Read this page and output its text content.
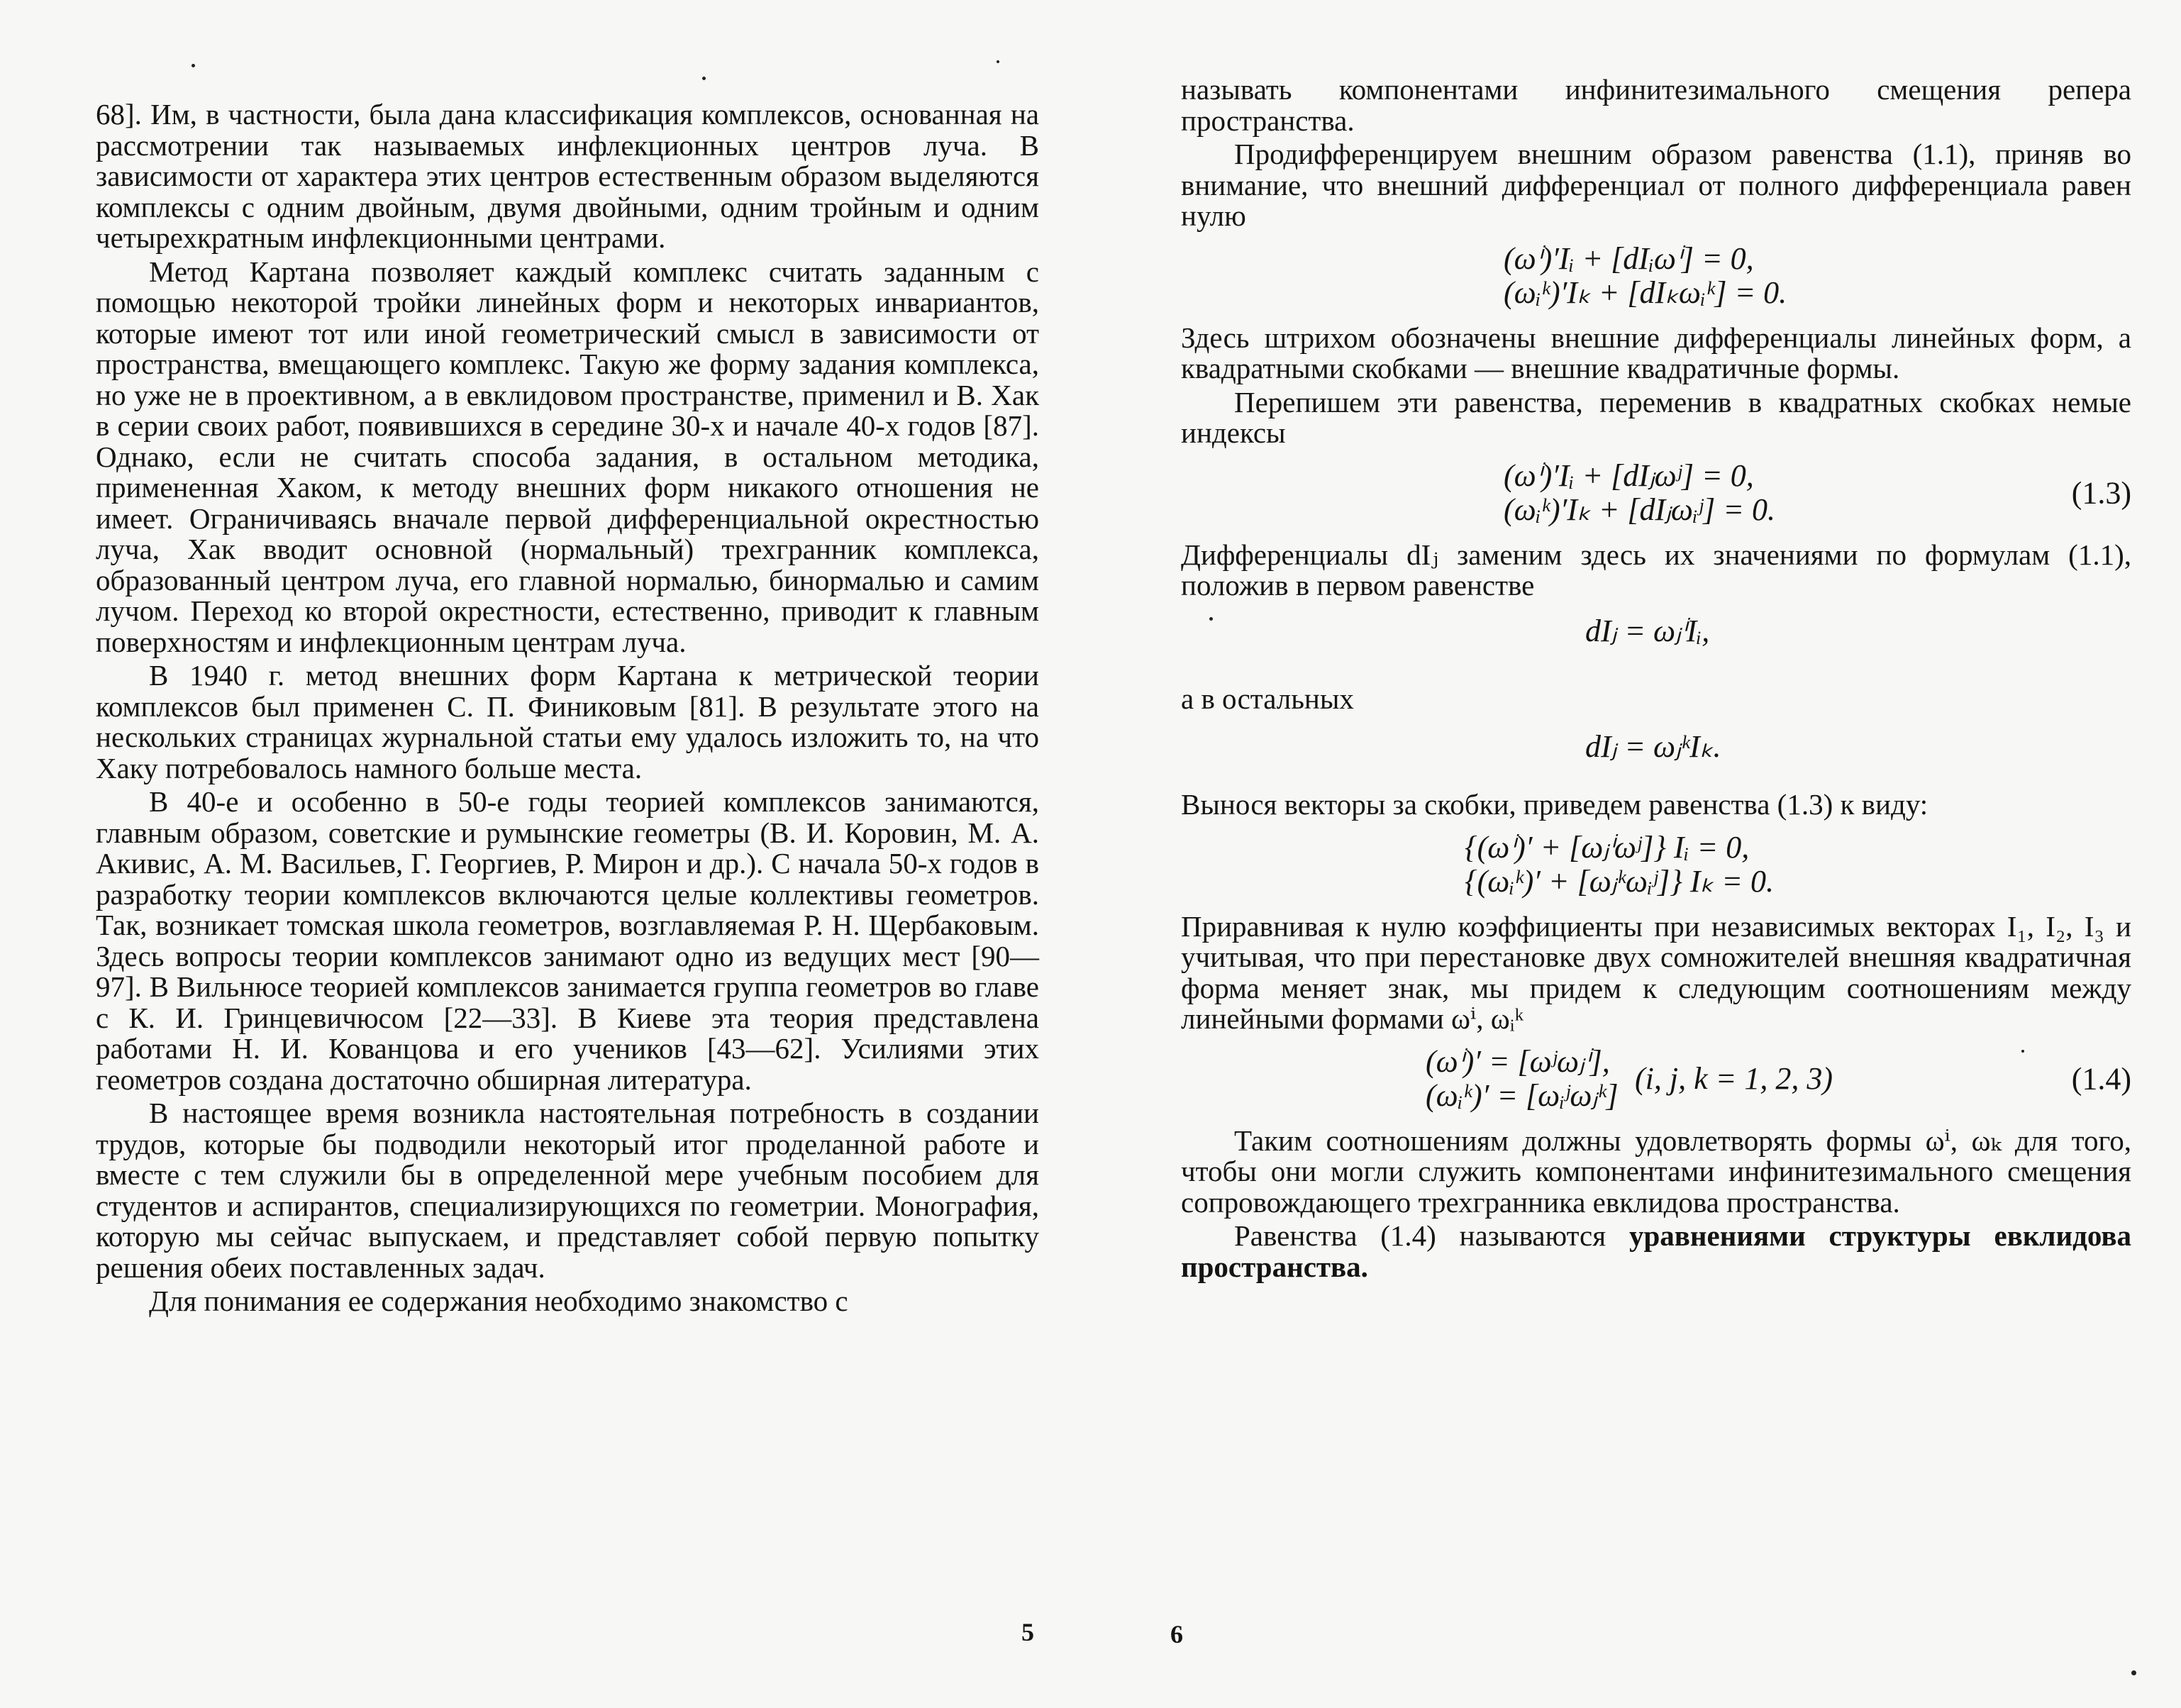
68]. Им, в частности, была дана классификация комплексов, основанная на рассмотрении так называемых инфлекционных центров луча. В зависимости от характера этих центров естественным образом выделяются комплексы с одним двойным, двумя двойными, одним тройным и одним четырехкратным инфлекционными центрами.

Метод Картана позволяет каждый комплекс считать заданным с помощью некоторой тройки линейных форм и некоторых инвариантов, которые имеют тот или иной геометрический смысл в зависимости от пространства, вмещающего комплекс. Такую же форму задания комплекса, но уже не в проективном, а в евклидовом пространстве, применил и В. Хак в серии своих работ, появившихся в середине 30-х и начале 40-х годов [87]. Однако, если не считать способа задания, в остальном методика, примененная Хаком, к методу внешних форм никакого отношения не имеет. Ограничиваясь вначале первой дифференциальной окрестностью луча, Хак вводит основной (нормальный) трехгранник комплекса, образованный центром луча, его главной нормалью, бинормалью и самим лучом. Переход ко второй окрестности, естественно, приводит к главным поверхностям и инфлекционным центрам луча.

В 1940 г. метод внешних форм Картана к метрической теории комплексов был применен С. П. Финиковым [81]. В результате этого на нескольких страницах журнальной статьи ему удалось изложить то, на что Хаку потребовалось намного больше места.

В 40-е и особенно в 50-е годы теорией комплексов занимаются, главным образом, советские и румынские геометры (В. И. Коровин, М. А. Акивис, А. М. Васильев, Г. Георгиев, Р. Мирон и др.). С начала 50-х годов в разработку теории комплексов включаются целые коллективы геометров. Так, возникает томская школа геометров, возглавляемая Р. Н. Щербаковым. Здесь вопросы теории комплексов занимают одно из ведущих мест [90—97]. В Вильнюсе теорией комплексов занимается группа геометров во главе с К. И. Гринцевичюсом [22—33]. В Киеве эта теория представлена работами Н. И. Кованцова и его учеников [43—62]. Усилиями этих геометров создана достаточно обширная литература.

В настоящее время возникла настоятельная потребность в создании трудов, которые бы подводили некоторый итог проделанной работе и вместе с тем служили бы в определенной мере учебным пособием для студентов и аспирантов, специализирующихся по геометрии. Монография, которую мы сейчас выпускаем, и представляет собой первую попытку решения обеих поставленных задач.

Для понимания ее содержания необходимо знакомство с

5

называть компонентами инфинитезимального смещения репера пространства.

Продифференцируем внешним образом равенства (1.1), приняв во внимание, что внешний дифференциал от полного дифференциала равен нулю

(ωⁱ)′Iᵢ + [dIᵢωⁱ] = 0,
(ωᵢᵏ)′Iₖ + [dIₖωᵢᵏ] = 0.

Здесь штрихом обозначены внешние дифференциалы линейных форм, а квадратными скобками — внешние квадратичные формы.

Перепишем эти равенства, переменив в квадратных скобках немые индексы

(ωⁱ)′Iᵢ + [dIⱼωʲ] = 0,
(ωᵢᵏ)′Iₖ + [dIⱼωᵢʲ] = 0.	(1.3)

Дифференциалы dIⱼ заменим здесь их значениями по формулам (1.1), положив в первом равенстве

dIⱼ = ωⱼⁱIᵢ,

а в остальных

dIⱼ = ωⱼᵏIₖ.

Вынося векторы за скобки, приведем равенства (1.3) к виду:

{(ωⁱ)′ + [ωⱼⁱωʲ]} Iᵢ = 0,
{(ωᵢᵏ)′ + [ωⱼᵏωᵢʲ]} Iₖ = 0.

Приравнивая к нулю коэффициенты при независимых векторах I₁, I₂, I₃ и учитывая, что при перестановке двух сомножителей внешняя квадратичная форма меняет знак, мы придем к следующим соотношениям между линейными формами ωⁱ, ωᵢᵏ

(ωⁱ)′ = [ωʲωⱼⁱ],
(ωᵢᵏ)′ = [ωᵢʲωⱼᵏ] (i, j, k = 1, 2, 3)	(1.4)

Таким соотношениям должны удовлетворять формы ωⁱ, ωₖ для того, чтобы они могли служить компонентами инфинитезимального смещения сопровождающего трехгранника евклидова пространства.

Равенства (1.4) называются уравнениями структуры евклидова пространства.

6
